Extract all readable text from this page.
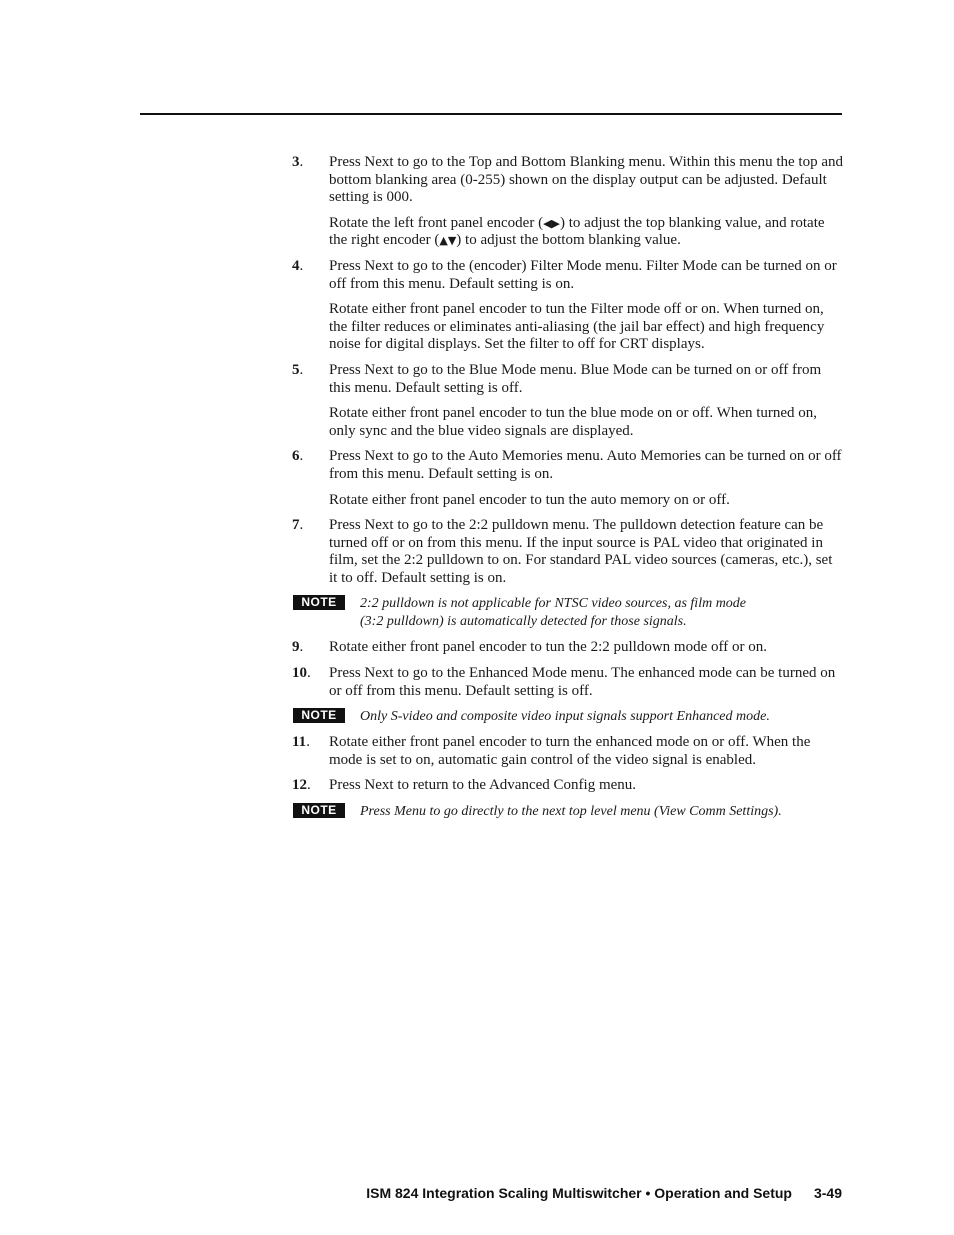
3. Press Next to go to the Top and Bottom Blanking menu. Within this menu the top and bottom blanking area (0-255) shown on the display output can be adjusted. Default setting is 000.

Rotate the left front panel encoder (◀▶) to adjust the top blanking value, and rotate the right encoder (▲▼) to adjust the bottom blanking value.
4. Press Next to go to the (encoder) Filter Mode menu. Filter Mode can be turned on or off from this menu. Default setting is on.

Rotate either front panel encoder to tun the Filter mode off or on. When turned on, the filter reduces or eliminates anti-aliasing (the jail bar effect) and high frequency noise for digital displays. Set the filter to off for CRT displays.
5. Press Next to go to the Blue Mode menu. Blue Mode can be turned on or off from this menu. Default setting is off.

Rotate either front panel encoder to tun the blue mode on or off. When turned on, only sync and the blue video signals are displayed.
6. Press Next to go to the Auto Memories menu. Auto Memories can be turned on or off from this menu. Default setting is on.

Rotate either front panel encoder to tun the auto memory on or off.
7. Press Next to go to the 2:2 pulldown menu. The pulldown detection feature can be turned off or on from this menu. If the input source is PAL video that originated in film, set the 2:2 pulldown to on. For standard PAL video sources (cameras, etc.), set it to off. Default setting is on.

NOTE	2:2 pulldown is not applicable for NTSC video sources, as film mode
(3:2 pulldown) is automatically detected for those signals.
9. Rotate either front panel encoder to tun the 2:2 pulldown mode off or on.

10. Press Next to go to the Enhanced Mode menu. The enhanced mode can be turned on or off from this menu. Default setting is off.

NOTE	Only S-video and composite video input signals support Enhanced mode.
11. Rotate either front panel encoder to turn the enhanced mode on or off. When the mode is set to on, automatic gain control of the video signal is enabled.

12. Press Next to return to the Advanced Config menu.

NOTE	Press Menu to go directly to the next top level menu (View Comm Settings).
ISM 824 Integration Scaling Multiswitcher • Operation and Setup 3-49
